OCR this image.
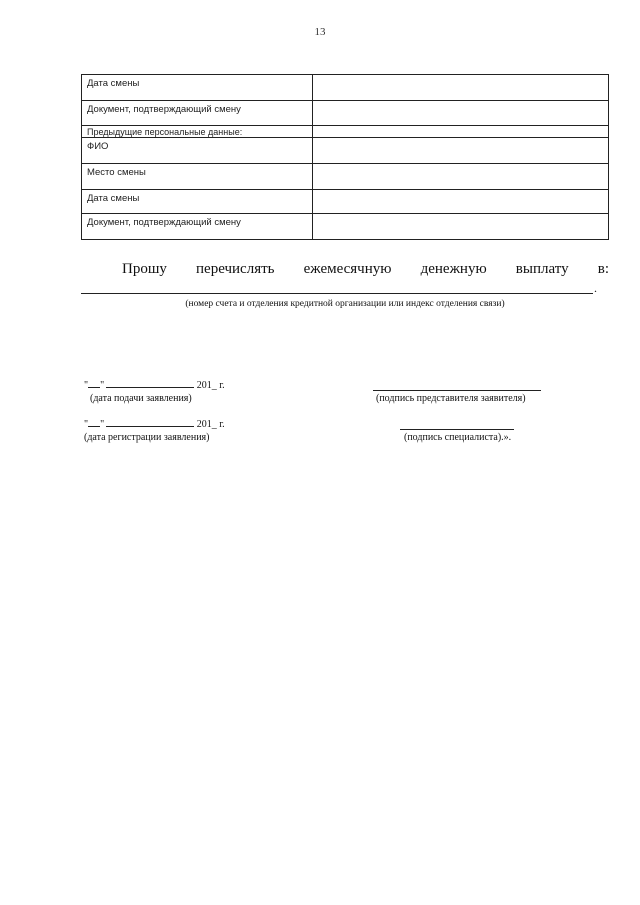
13
Дата смены	
Документ, подтверждающий смену	
Предыдущие персональные данные:	
ФИО	
Место смены	
Дата смены	
Документ, подтверждающий смену	
Прошу перечислять ежемесячную денежную выплату в:
.
(номер счета и отделения кредитной организации или индекс отделения связи)
" "	201_ г.
(дата подачи заявления)	(подпись представителя заявителя)
" "	201_ г.
(дата регистрации заявления)	(подпись специалиста).».
